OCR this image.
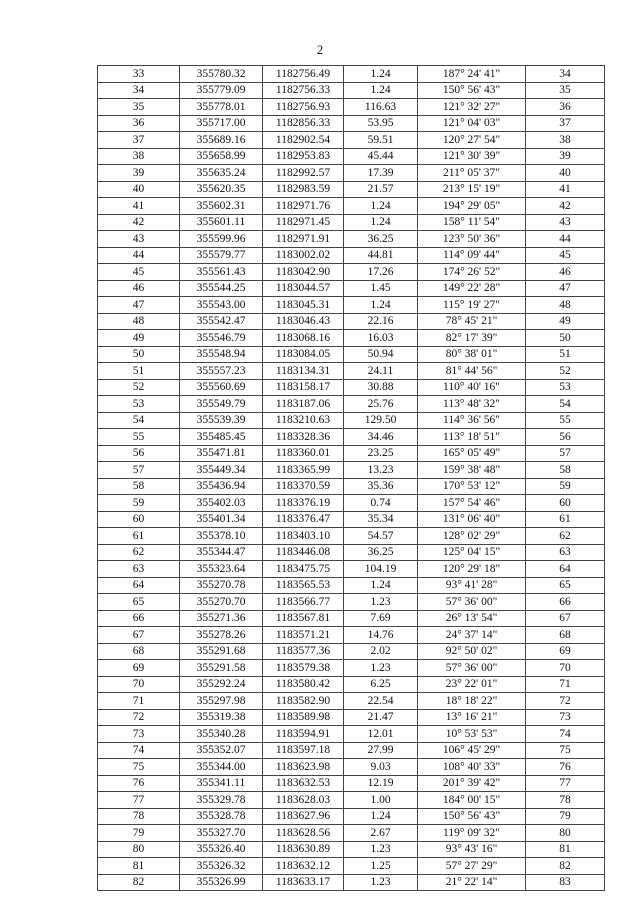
2
33	355780.32	1182756.49	1.24	187° 24' 41"	34
34	355779.09	1182756.33	1.24	150° 56' 43"	35
35	355778.01	1182756.93	116.63	121° 32' 27"	36
36	355717.00	1182856.33	53.95	121° 04' 03"	37
37	355689.16	1182902.54	59.51	120° 27' 54"	38
38	355658.99	1182953.83	45.44	121° 30' 39"	39
39	355635.24	1182992.57	17.39	211° 05' 37"	40
40	355620.35	1182983.59	21.57	213° 15' 19"	41
41	355602.31	1182971.76	1.24	194° 29' 05"	42
42	355601.11	1182971.45	1.24	158° 11' 54"	43
43	355599.96	1182971.91	36.25	123° 50' 36"	44
44	355579.77	1183002.02	44.81	114° 09' 44"	45
45	355561.43	1183042.90	17.26	174° 26' 52"	46
46	355544.25	1183044.57	1.45	149° 22' 28"	47
47	355543.00	1183045.31	1.24	115° 19' 27"	48
48	355542.47	1183046.43	22.16	78° 45' 21"	49
49	355546.79	1183068.16	16.03	82° 17' 39"	50
50	355548.94	1183084.05	50.94	80° 38' 01"	51
51	355557.23	1183134.31	24.11	81° 44' 56"	52
52	355560.69	1183158.17	30.88	110° 40' 16"	53
53	355549.79	1183187.06	25.76	113° 48' 32"	54
54	355539.39	1183210.63	129.50	114° 36' 56"	55
55	355485.45	1183328.36	34.46	113° 18' 51"	56
56	355471.81	1183360.01	23.25	165° 05' 49"	57
57	355449.34	1183365.99	13.23	159° 38' 48"	58
58	355436.94	1183370.59	35.36	170° 53' 12"	59
59	355402.03	1183376.19	0.74	157° 54' 46"	60
60	355401.34	1183376.47	35.34	131° 06' 40"	61
61	355378.10	1183403.10	54.57	128° 02' 29"	62
62	355344.47	1183446.08	36.25	125° 04' 15"	63
63	355323.64	1183475.75	104.19	120° 29' 18"	64
64	355270.78	1183565.53	1.24	93° 41' 28"	65
65	355270.70	1183566.77	1.23	57° 36' 00"	66
66	355271.36	1183567.81	7.69	26° 13' 54"	67
67	355278.26	1183571.21	14.76	24° 37' 14"	68
68	355291.68	1183577.36	2.02	92° 50' 02"	69
69	355291.58	1183579.38	1.23	57° 36' 00"	70
70	355292.24	1183580.42	6.25	23° 22' 01"	71
71	355297.98	1183582.90	22.54	18° 18' 22"	72
72	355319.38	1183589.98	21.47	13° 16' 21"	73
73	355340.28	1183594.91	12.01	10° 53' 53"	74
74	355352.07	1183597.18	27.99	106° 45' 29"	75
75	355344.00	1183623.98	9.03	108° 40' 33"	76
76	355341.11	1183632.53	12.19	201° 39' 42"	77
77	355329.78	1183628.03	1.00	184° 00' 15"	78
78	355328.78	1183627.96	1.24	150° 56' 43"	79
79	355327.70	1183628.56	2.67	119° 09' 32"	80
80	355326.40	1183630.89	1.23	93° 43' 16"	81
81	355326.32	1183632.12	1.25	57° 27' 29"	82
82	355326.99	1183633.17	1.23	21° 22' 14"	83
